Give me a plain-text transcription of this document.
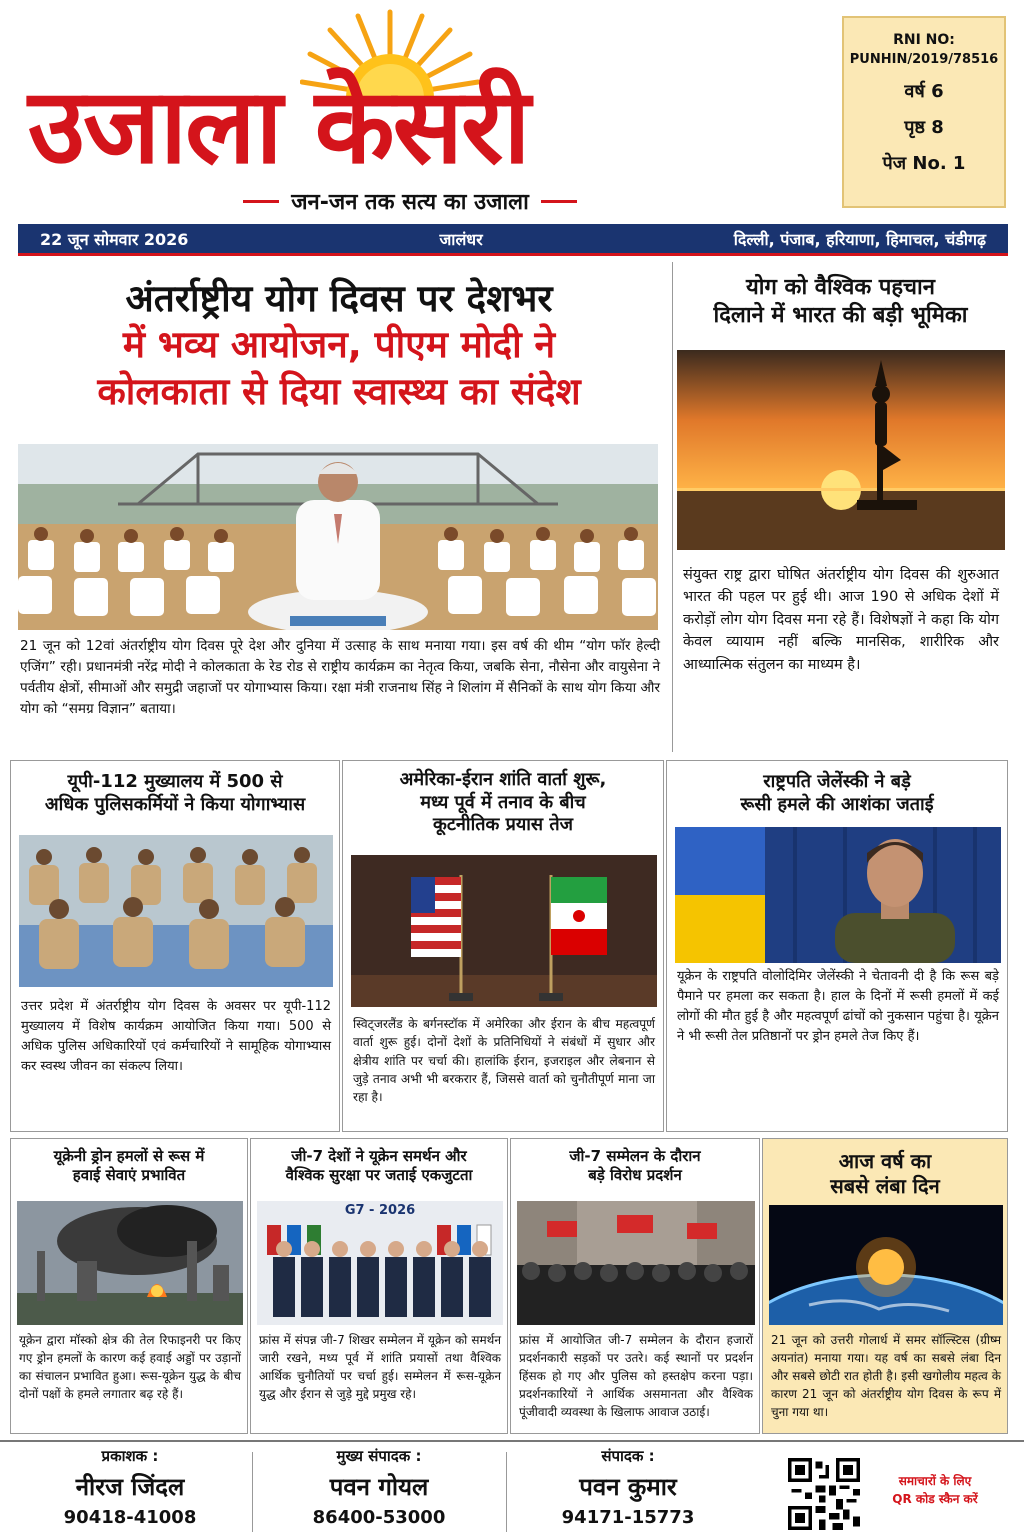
उजाला केसरी
जन-जन तक सत्य का उजाला
RNI NO:
PUNHIN/2019/78516
वर्ष 6
पृष्ठ 8
पेज No. 1
22 जून सोमवार 2026	जालंधर	दिल्ली, पंजाब, हरियाणा, हिमाचल, चंडीगढ़
अंतर्राष्ट्रीय योग दिवस पर देशभर
में भव्य आयोजन, पीएम मोदी ने
कोलकाता से दिया स्वास्थ्य का संदेश
21 जून को 12वां अंतर्राष्ट्रीय योग दिवस पूरे देश और दुनिया में उत्साह के साथ मनाया गया। इस वर्ष की थीम “योग फॉर हेल्दी एजिंग” रही। प्रधानमंत्री नरेंद्र मोदी ने कोलकाता के रेड रोड से राष्ट्रीय कार्यक्रम का नेतृत्व किया, जबकि सेना, नौसेना और वायुसेना ने पर्वतीय क्षेत्रों, सीमाओं और समुद्री जहाजों पर योगाभ्यास किया। रक्षा मंत्री राजनाथ सिंह ने शिलांग में सैनिकों के साथ योग किया और योग को “समग्र विज्ञान” बताया।
योग को वैश्विक पहचान
दिलाने में भारत की बड़ी भूमिका
संयुक्त राष्ट्र द्वारा घोषित अंतर्राष्ट्रीय योग दिवस की शुरुआत भारत की पहल पर हुई थी। आज 190 से अधिक देशों में करोड़ों लोग योग दिवस मना रहे हैं। विशेषज्ञों ने कहा कि योग केवल व्यायाम नहीं बल्कि मानसिक, शारीरिक और आध्यात्मिक संतुलन का माध्यम है।
यूपी-112 मुख्यालय में 500 से
अधिक पुलिसकर्मियों ने किया योगाभ्यास
उत्तर प्रदेश में अंतर्राष्ट्रीय योग दिवस के अवसर पर यूपी-112 मुख्यालय में विशेष कार्यक्रम आयोजित किया गया। 500 से अधिक पुलिस अधिकारियों एवं कर्मचारियों ने सामूहिक योगाभ्यास कर स्वस्थ जीवन का संकल्प लिया।
अमेरिका-ईरान शांति वार्ता शुरू,
मध्य पूर्व में तनाव के बीच
कूटनीतिक प्रयास तेज
स्विट्जरलैंड के बर्गनस्टॉक में अमेरिका और ईरान के बीच महत्वपूर्ण वार्ता शुरू हुई। दोनों देशों के प्रतिनिधियों ने संबंधों में सुधार और क्षेत्रीय शांति पर चर्चा की। हालांकि ईरान, इजराइल और लेबनान से जुड़े तनाव अभी भी बरकरार हैं, जिससे वार्ता को चुनौतीपूर्ण माना जा रहा है।
राष्ट्रपति जेलेंस्की ने बड़े
रूसी हमले की आशंका जताई
यूक्रेन के राष्ट्रपति वोलोदिमिर जेलेंस्की ने चेतावनी दी है कि रूस बड़े पैमाने पर हमला कर सकता है। हाल के दिनों में रूसी हमलों में कई लोगों की मौत हुई है और महत्वपूर्ण ढांचों को नुकसान पहुंचा है। यूक्रेन ने भी रूसी तेल प्रतिष्ठानों पर ड्रोन हमले तेज किए हैं।
यूक्रेनी ड्रोन हमलों से रूस में
हवाई सेवाएं प्रभावित
यूक्रेन द्वारा मॉस्को क्षेत्र की तेल रिफाइनरी पर किए गए ड्रोन हमलों के कारण कई हवाई अड्डों पर उड़ानों का संचालन प्रभावित हुआ। रूस-यूक्रेन युद्ध के बीच दोनों पक्षों के हमले लगातार बढ़ रहे हैं।
जी-7 देशों ने यूक्रेन समर्थन और
वैश्विक सुरक्षा पर जताई एकजुटता
G7 - 2026
फ्रांस में संपन्न जी-7 शिखर सम्मेलन में यूक्रेन को समर्थन जारी रखने, मध्य पूर्व में शांति प्रयासों तथा वैश्विक आर्थिक चुनौतियों पर चर्चा हुई। सम्मेलन में रूस-यूक्रेन युद्ध और ईरान से जुड़े मुद्दे प्रमुख रहे।
जी-7 सम्मेलन के दौरान
बड़े विरोध प्रदर्शन
फ्रांस में आयोजित जी-7 सम्मेलन के दौरान हजारों प्रदर्शनकारी सड़कों पर उतरे। कई स्थानों पर प्रदर्शन हिंसक हो गए और पुलिस को हस्तक्षेप करना पड़ा। प्रदर्शनकारियों ने आर्थिक असमानता और वैश्विक पूंजीवादी व्यवस्था के खिलाफ आवाज उठाई।
आज वर्ष का
सबसे लंबा दिन
21 जून को उत्तरी गोलार्ध में समर सॉल्स्टिस (ग्रीष्म अयनांत) मनाया गया। यह वर्ष का सबसे लंबा दिन और सबसे छोटी रात होती है। इसी खगोलीय महत्व के कारण 21 जून को अंतर्राष्ट्रीय योग दिवस के रूप में चुना गया था।
प्रकाशक :
नीरज जिंदल
90418-41008
मुख्य संपादक :
पवन गोयल
86400-53000
संपादक :
पवन कुमार
94171-15773
समाचारों के लिए
QR कोड स्कैन करें
